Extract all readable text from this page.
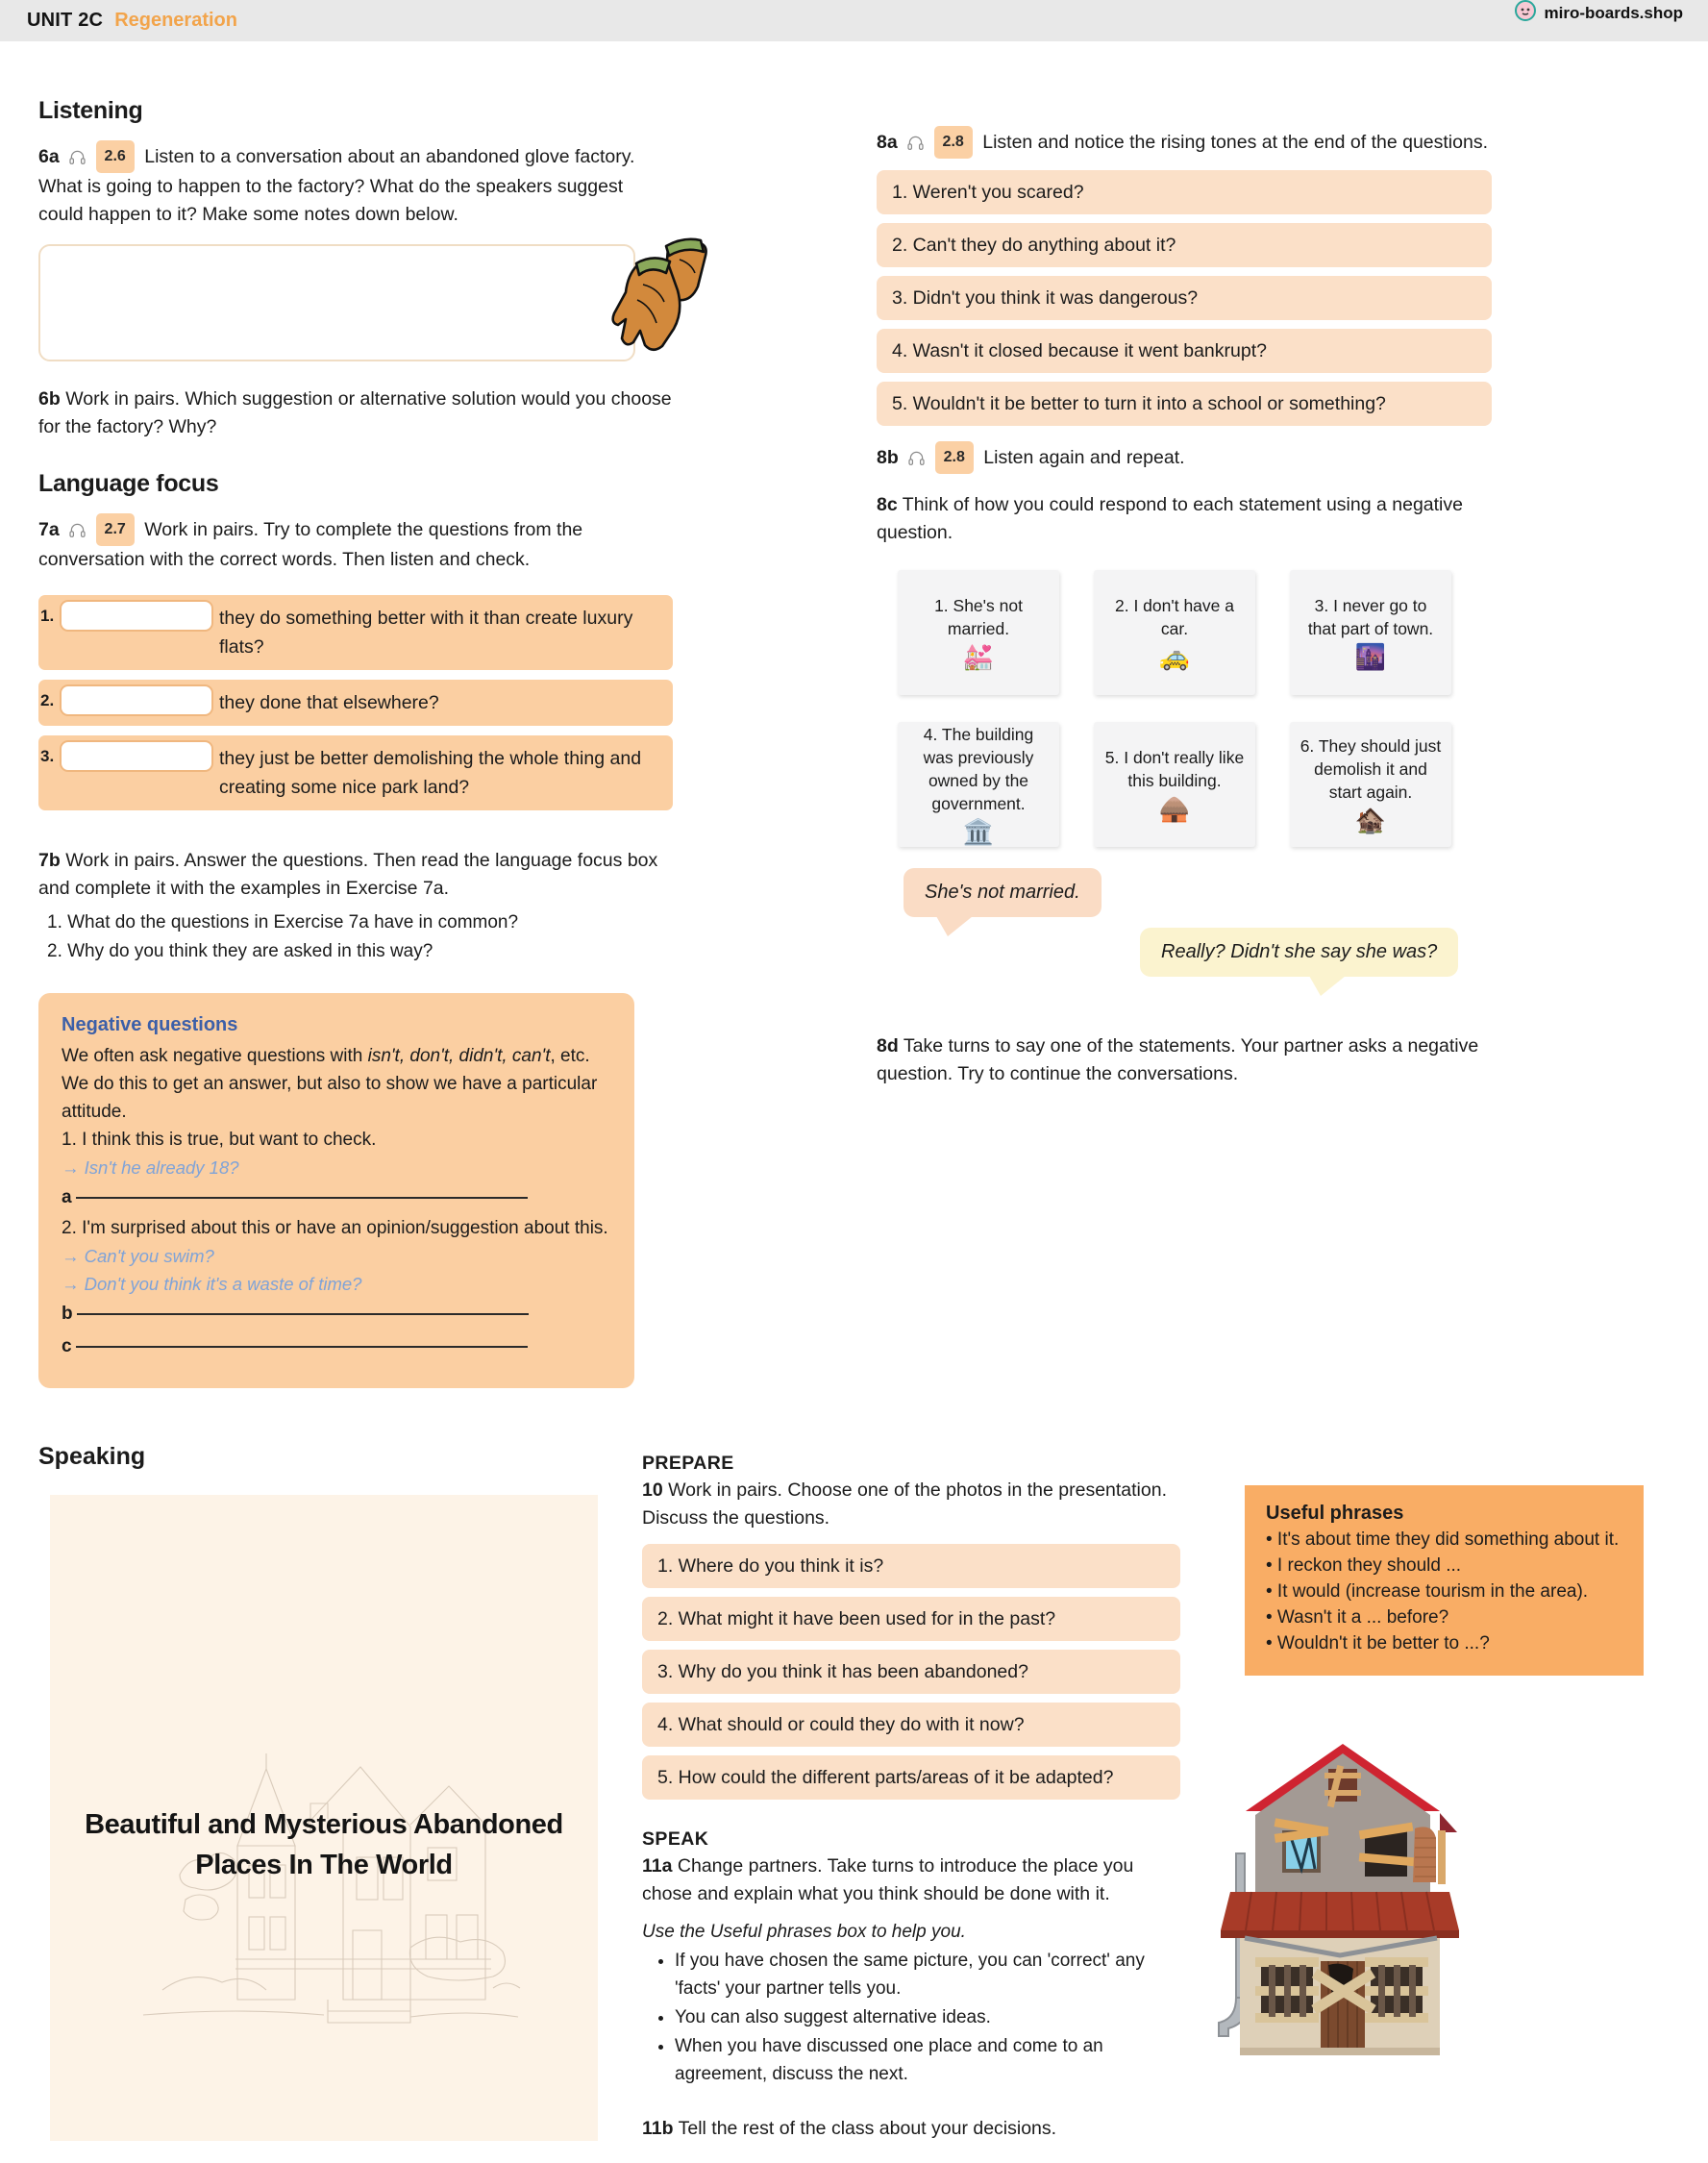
UNIT 2C Regeneration
Listening

6a	2.6 Listen to a conversation about an abandoned glove factory. What is going to happen to the factory? What do the speakers suggest could happen to it? Make some notes down below.

6b Work in pairs. Which suggestion or alternative solution would you choose for the factory? Why?

Language focus

7a	2.7 Work in pairs. Try to complete the questions from the conversation with the correct words. Then listen and check.

1.	they do something better with it than create luxury flats?
2.	they done that elsewhere?
3.	they just be better demolishing the whole thing and creating some nice park land?

7b Work in pairs. Answer the questions. Then read the language focus box and complete it with the examples in Exercise 7a.

1. What do the questions in Exercise 7a have in common?
2. Why do you think they are asked in this way?
Negative questions

We often ask negative questions with isn't, don't, didn't, can't, etc. We do this to get an answer, but also to show we have a particular attitude.

1. I think this is true, but want to check.

→ Isn't he already 18?
a

2. I'm surprised about this or have an opinion/suggestion about this.

→ Can't you swim?
→ Don't you think it's a waste of time?
b
c

8a	2.8 Listen and notice the rising tones at the end of the questions.

1. Weren't you scared?
2. Can't they do anything about it?
3. Didn't you think it was dangerous?
4. Wasn't it closed because it went bankrupt?
5. Wouldn't it be better to turn it into a school or something?

8b	2.8 Listen again and repeat.

8c Think of how you could respond to each statement using a negative question.

1. She's not married.
💒
2. I don't have a car.
🚕
3. I never go to that part of town.
🌆
4. The building was previously owned by the government.
🏛️
5. I don't really like this building.
🛖
6. They should just demolish it and start again.
🏚️
She's not married.
Really? Didn't she say she was?

8d Take turns to say one of the statements. Your partner asks a negative question. Try to continue the conversations.

Speaking
Beautiful and Mysterious Abandoned Places In The World
PREPARE

10 Work in pairs. Choose one of the photos in the presentation. Discuss the questions.

1. Where do you think it is?
2. What might it have been used for in the past?
3. Why do you think it has been abandoned?
4. What should or could they do with it now?
5. How could the different parts/areas of it be adapted?
SPEAK

11a Change partners. Take turns to introduce the place you chose and explain what you think should be done with it.

Use the Useful phrases box to help you.
• If you have chosen the same picture, you can 'correct' any 'facts' your partner tells you.
• You can also suggest alternative ideas.
• When you have discussed one place and come to an agreement, discuss the next.

11b Tell the rest of the class about your decisions.

Useful phrases
• It's about time they did something about it.
• I reckon they should ...
• It would (increase tourism in the area).
• Wasn't it a ... before?
• Wouldn't it be better to ...?
miro-boards.shop
